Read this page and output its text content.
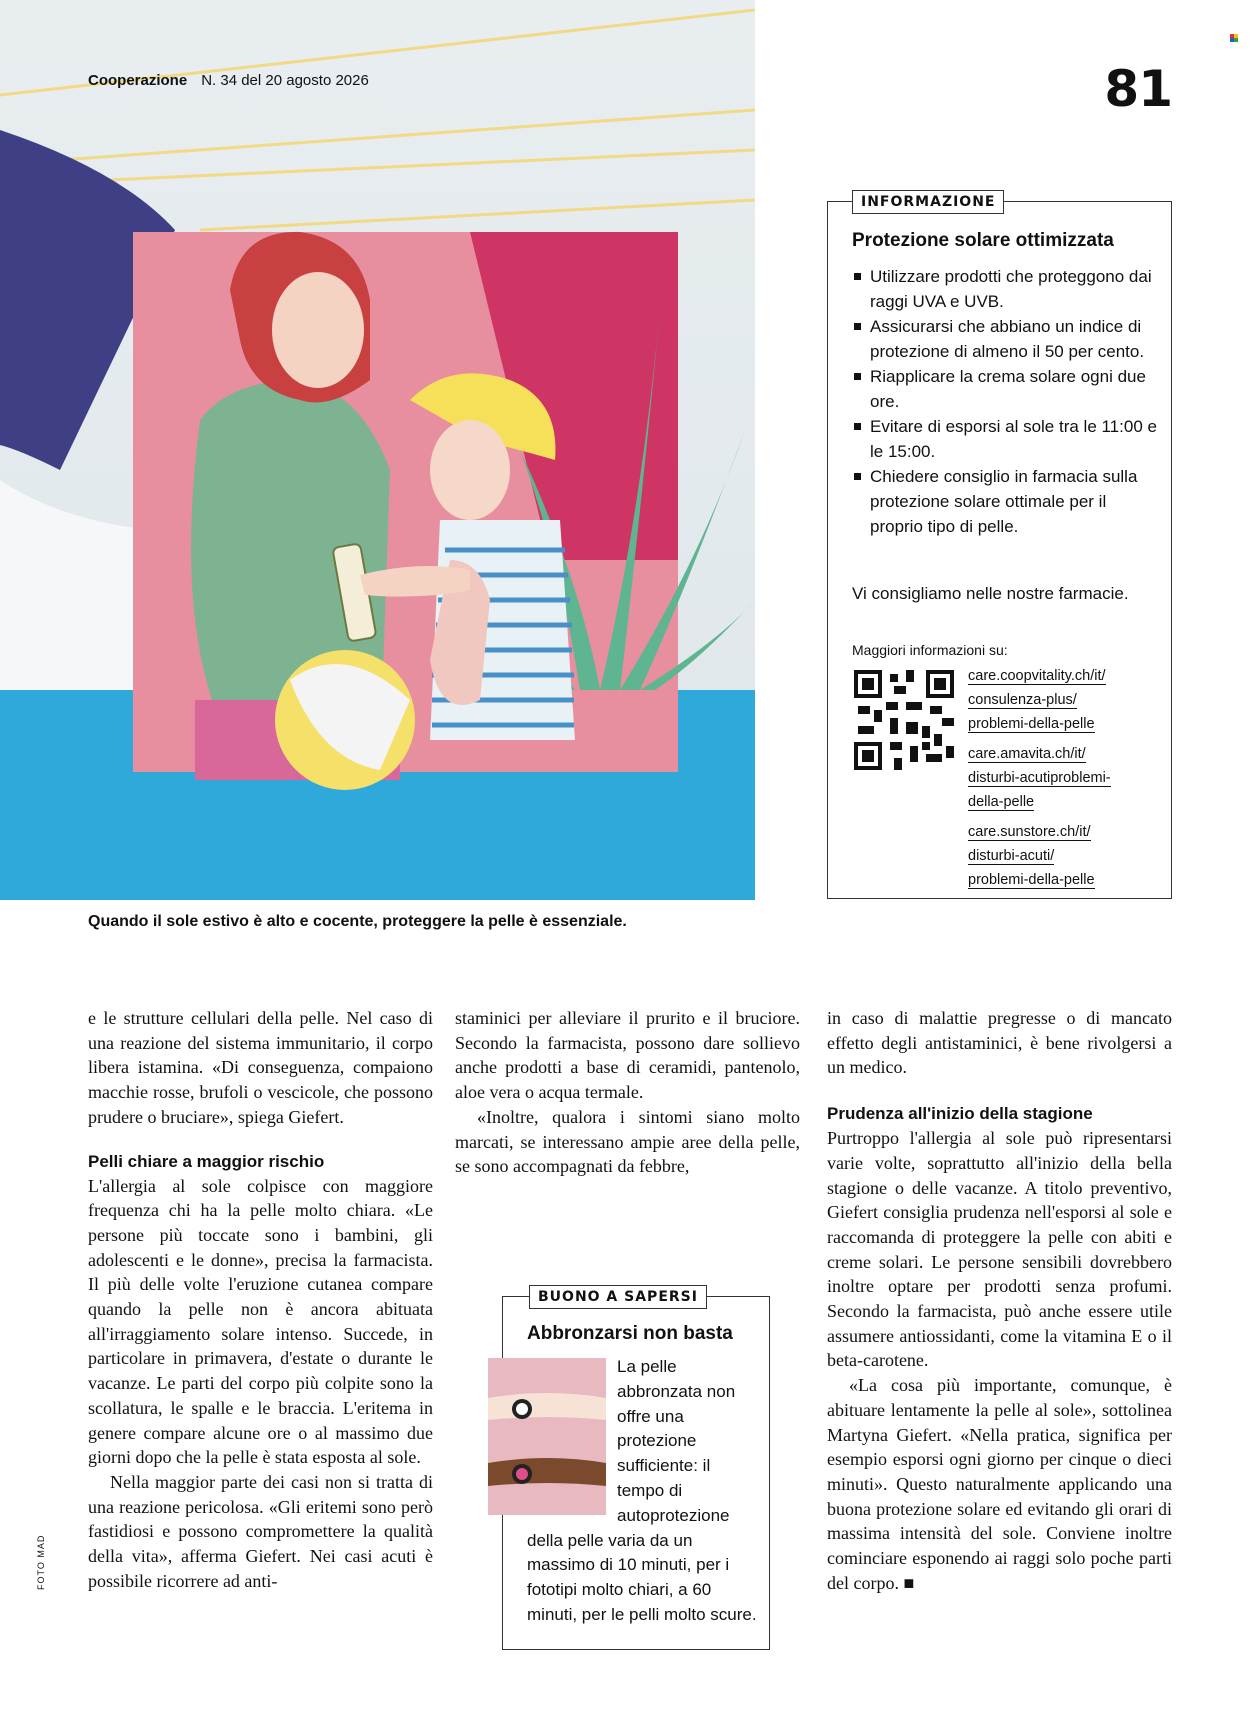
Cooperazione N. 34 del 20 agosto 2026	81
INFORMAZIONE
Protezione solare ottimizzata
Utilizzare prodotti che proteggono dai raggi UVA e UVB.
Assicurarsi che abbiano un indice di protezione di almeno il 50 per cento.
Riapplicare la crema solare ogni due ore.
Evitare di esporsi al sole tra le 11:00 e le 15:00.
Chiedere consiglio in farmacia sulla protezione solare ottimale per il proprio tipo di pelle.
Vi consigliamo nelle nostre farmacie.
Maggiori informazioni su:
care.coopvitality.ch/it/
consulenza-plus/
problemi-della-pelle
care.amavita.ch/it/
disturbi-acutiproblemi-
della-pelle
care.sunstore.ch/it/
disturbi-acuti/
problemi-della-pelle
Quando il sole estivo è alto e cocente, proteggere la pelle è essenziale.

e le strutture cellulari della pelle. Nel caso di una reazione del sistema immunitario, il corpo libera istamina. «Di conseguenza, compaiono macchie rosse, brufoli o vescicole, che possono prudere o bruciare», spiega Giefert.

Pelli chiare a maggior rischio

L'allergia al sole colpisce con maggiore frequenza chi ha la pelle molto chiara. «Le persone più toccate sono i bambini, gli adolescenti e le donne», precisa la farmacista. Il più delle volte l'eruzione cutanea compare quando la pelle non è ancora abituata all'irraggiamento solare intenso. Succede, in particolare in primavera, d'estate o durante le vacanze. Le parti del corpo più colpite sono la scollatura, le spalle e le braccia. L'eritema in genere compare alcune ore o al massimo due giorni dopo che la pelle è stata esposta al sole.

Nella maggior parte dei casi non si tratta di una reazione pericolosa. «Gli eritemi sono però fastidiosi e possono compromettere la qualità della vita», afferma Giefert. Nei casi acuti è possibile ricorrere ad anti-

FOTO MAD

staminici per alleviare il prurito e il bruciore. Secondo la farmacista, possono dare sollievo anche prodotti a base di ceramidi, pantenolo, aloe vera o acqua termale.

«Inoltre, qualora i sintomi siano molto marcati, se interessano ampie aree della pelle, se sono accompagnati da febbre,

BUONO A SAPERSI
Abbronzarsi non basta
La pelle abbronzata non offre una protezione sufficiente: il tempo di autoprotezione della pelle varia da un massimo di 10 minuti, per i fototipi molto chiari, a 60 minuti, per le pelli molto scure.

in caso di malattie pregresse o di mancato effetto degli antistaminici, è bene rivolgersi a un medico.

Prudenza all'inizio della stagione

Purtroppo l'allergia al sole può ripresentarsi varie volte, soprattutto all'inizio della bella stagione o delle vacanze. A titolo preventivo, Giefert consiglia prudenza nell'esporsi al sole e raccomanda di proteggere la pelle con abiti e creme solari. Le persone sensibili dovrebbero inoltre optare per prodotti senza profumi. Secondo la farmacista, può anche essere utile assumere antiossidanti, come la vitamina E o il beta-carotene.

«La cosa più importante, comunque, è abituare lentamente la pelle al sole», sottolinea Martyna Giefert. «Nella pratica, significa per esempio esporsi ogni giorno per cinque o dieci minuti». Questo naturalmente applicando una buona protezione solare ed evitando gli orari di massima intensità del sole. Conviene inoltre cominciare esponendo ai raggi solo poche parti del corpo. ■
